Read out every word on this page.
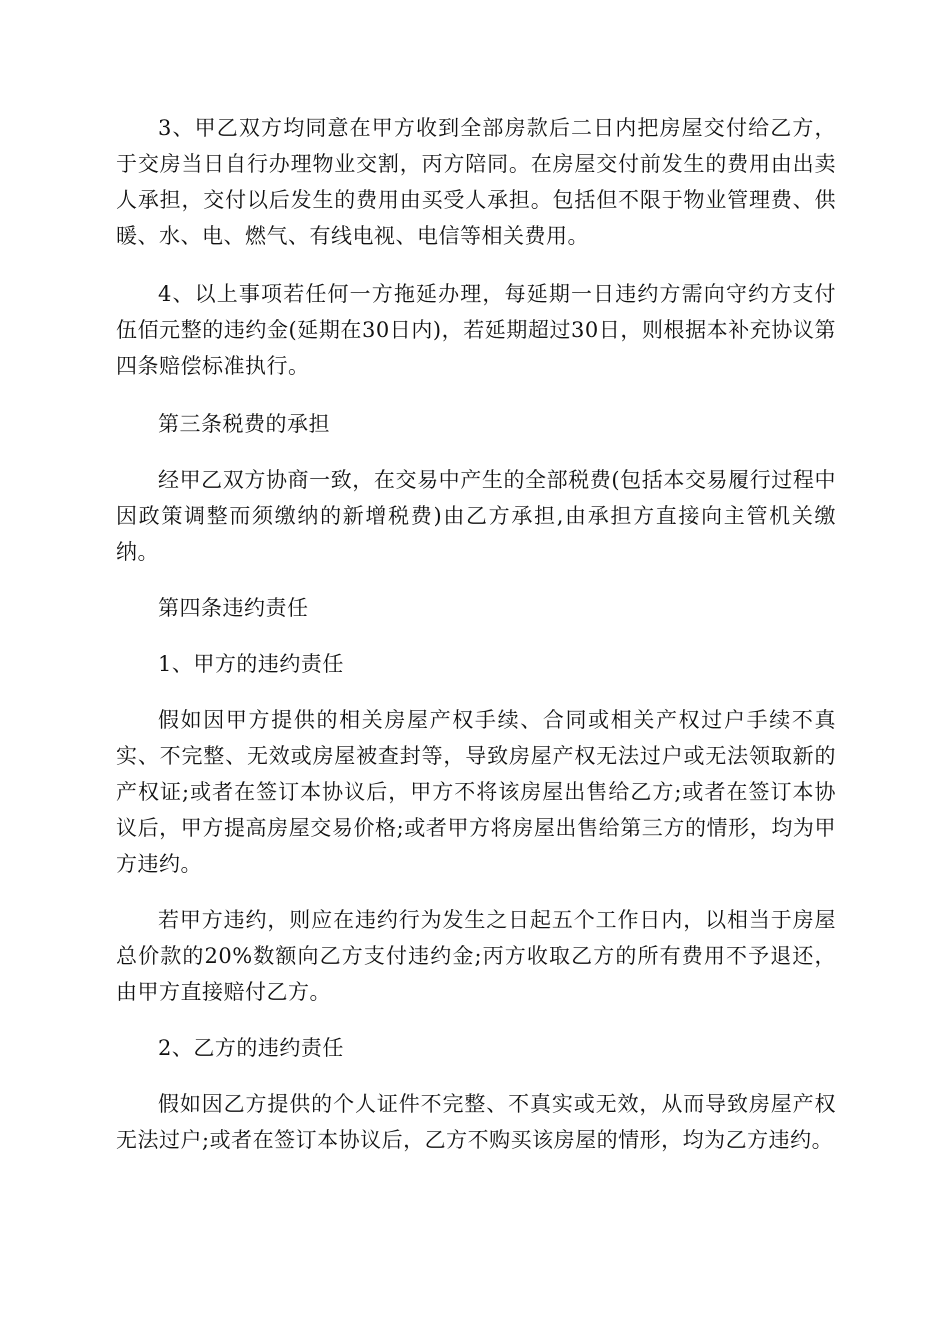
3、甲乙双方均同意在甲方收到全部房款后二日内把房屋交付给乙方，于交房当日自行办理物业交割，丙方陪同。在房屋交付前发生的费用由出卖人承担，交付以后发生的费用由买受人承担。包括但不限于物业管理费、供暖、水、电、燃气、有线电视、电信等相关费用。

4、以上事项若任何一方拖延办理，每延期一日违约方需向守约方支付伍佰元整的违约金(延期在30日内)，若延期超过30日，则根据本补充协议第四条赔偿标准执行。

第三条税费的承担

经甲乙双方协商一致，在交易中产生的全部税费(包括本交易履行过程中因政策调整而须缴纳的新增税费)由乙方承担,由承担方直接向主管机关缴纳。

第四条违约责任

1、甲方的违约责任

假如因甲方提供的相关房屋产权手续、合同或相关产权过户手续不真实、不完整、无效或房屋被查封等，导致房屋产权无法过户或无法领取新的产权证;或者在签订本协议后，甲方不将该房屋出售给乙方;或者在签订本协议后，甲方提高房屋交易价格;或者甲方将房屋出售给第三方的情形，均为甲方违约。

若甲方违约，则应在违约行为发生之日起五个工作日内，以相当于房屋总价款的20%数额向乙方支付违约金;丙方收取乙方的所有费用不予退还，由甲方直接赔付乙方。

2、乙方的违约责任

假如因乙方提供的个人证件不完整、不真实或无效，从而导致房屋产权无法过户;或者在签订本协议后，乙方不购买该房屋的情形，均为乙方违约。
